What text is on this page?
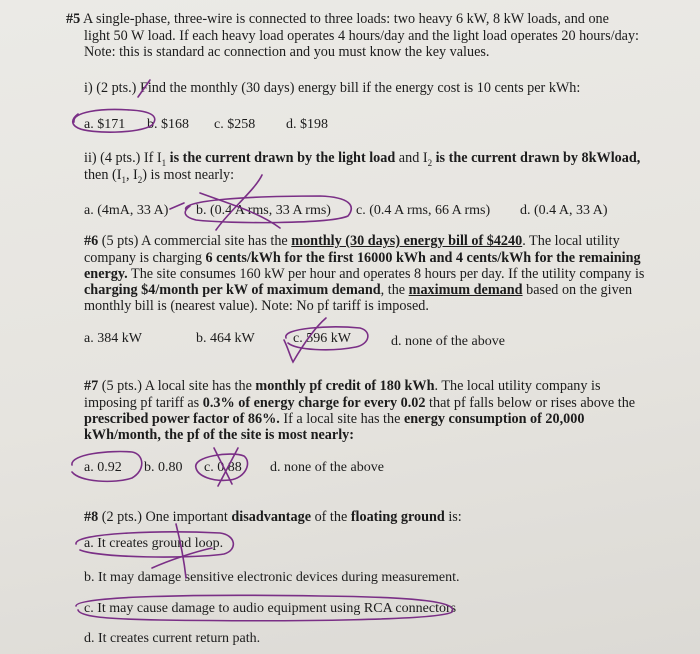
#5 A single-phase, three-wire is connected to three loads: two heavy 6 kW, 8 kW loads, and one
light 50 W load. If each heavy load operates 4 hours/day and the light load operates 20 hours/day:
Note: this is standard ac connection and you must know the key values.
i) (2 pts.) Find the monthly (30 days) energy bill if the energy cost is 10 cents per kWh:
a. $171 b. $168 c. $258 d. $198
ii) (4 pts.) If $I_1$ is the current drawn by the light load and $I_2$ is the current drawn by 8kWload,
then ($I_1$, $I_2$) is most nearly:
a. (4mA, 33 A) b. (0.4 A rms, 33 A rms) c. (0.4 A rms, 66 A rms) d. (0.4 A, 33 A)
#6 (5 pts) A commercial site has the monthly (30 days) energy bill of $4240. The local utility
company is charging 6 cents/kWh for the first 16000 kWh and 4 cents/kWh for the remaining
energy. The site consumes 160 kW per hour and operates 8 hours per day. If the utility company is
charging $4/month per kW of maximum demand, the maximum demand based on the given
monthly bill is (nearest value). Note: No pf tariff is imposed.
a. 384 kW	b. 464 kW	c. 596 kW	d. none of the above
#7 (5 pts.) A local site has the monthly pf credit of 180 kWh. The local utility company is
imposing pf tariff as 0.3% of energy charge for every 0.02 that pf falls below or rises above the
prescribed power factor of 86%. If a local site has the energy consumption of 20,000
kWh/month, the pf of the site is most nearly:
a. 0.92 b. 0.80 c. 0.88 d. none of the above
#8 (2 pts.) One important disadvantage of the floating ground is:
a. It creates ground loop.
b. It may damage sensitive electronic devices during measurement.
c. It may cause damage to audio equipment using RCA connectors
d. It creates current return path.
